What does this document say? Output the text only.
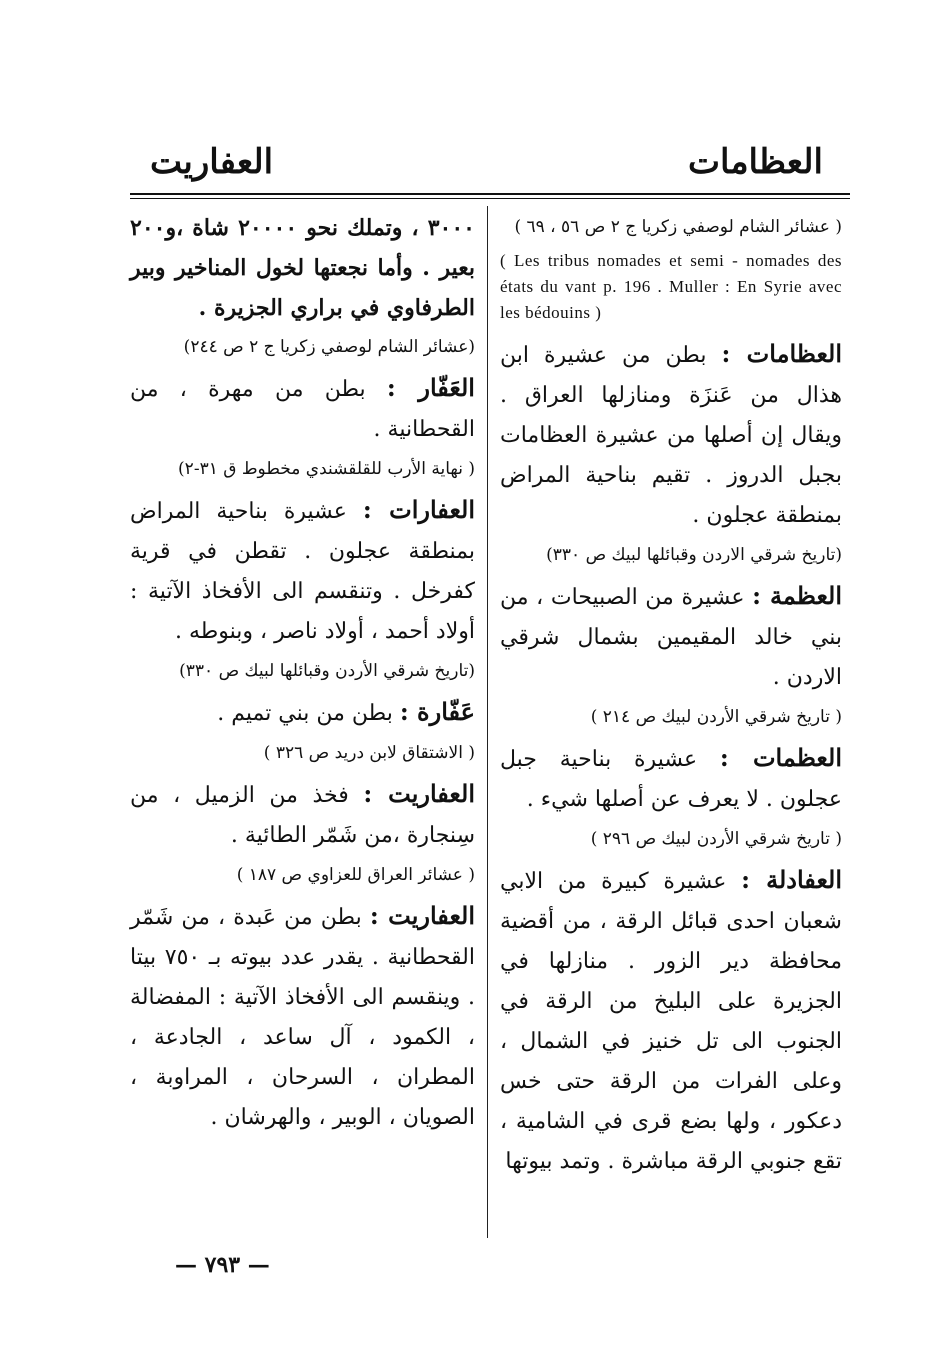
العظامات
العفاريت

( عشائر الشام لوصفي زكريا ج ٢ ص ٥٦ ، ٦٩ )

( Les tribus nomades et semi - nomades des états du vant p. 196 . Muller : En Syrie avec les bédouins )

العظامات : بطن من عشيرة ابن هذال من عَنزَة ومنازلها العراق . ويقال إن أصلها من عشيرة العظامات بجبل الدروز . تقيم بناحية المراض بمنطقة عجلون .

(تاريخ شرقي الاردن وقبائلها لبيك ص ٣٣٠)

العظمة : عشيرة من الصبيحات ، من بني خالد المقيمين بشمال شرقي الاردن .

( تاريخ شرقي الأردن لبيك ص ٢١٤ )

العظمات : عشيرة بناحية جبل عجلون . لا يعرف عن أصلها شيء .

( تاريخ شرقي الأردن لبيك ص ٢٩٦ )

العفادلة : عشيرة كبيرة من الابي شعبان احدى قبائل الرقة ، من أقضية محافظة دير الزور . منازلها في الجزيرة على البليخ من الرقة في الجنوب الى تل خنيز في الشمال ، وعلى الفرات من الرقة حتى خس دعكور ، ولها بضع قرى في الشامية ، تقع جنوبي الرقة مباشرة . وتمد بيوتها

٣٠٠٠ ، وتملك نحو ٢٠٠٠٠ شاة ،و٢٠٠ بعير . وأما نجعتها لخول المناخير وبير الطرفاوي في براري الجزيرة .

(عشائر الشام لوصفي زكريا ج ٢ ص ٢٤٤)

العَفّار : بطن من مهرة ، من القحطانية .

( نهاية الأرب للقلقشندي مخطوط ق ٣١-٢)

العفارات : عشيرة بناحية المراض بمنطقة عجلون . تقطن في قرية كفرخل . وتنقسم الى الأفخاذ الآتية : أولاد أحمد ، أولاد ناصر ، وبنوطه .

(تاريخ شرقي الأردن وقبائلها لبيك ص ٣٣٠)

عَفّارة : بطن من بني تميم .

( الاشتقاق لابن دريد ص ٣٢٦ )

العفاريت : فخذ من الزميل ، من سِنجارة ،من شَمّر الطائية .

( عشائر العراق للعزاوي ص ١٨٧ )

العفاريت : بطن من عَبدة ، من شَمّر القحطانية . يقدر عدد بيوته بـ ٧٥٠ بيتا . وينقسم الى الأفخاذ الآتية : المفضالة ، الكمود ، آل ساعد ، الجادعة ، المطران ، السرحان ، المراوبة ، الصويان ، الوبير ، والهرشان .

— ٧٩٣ —
